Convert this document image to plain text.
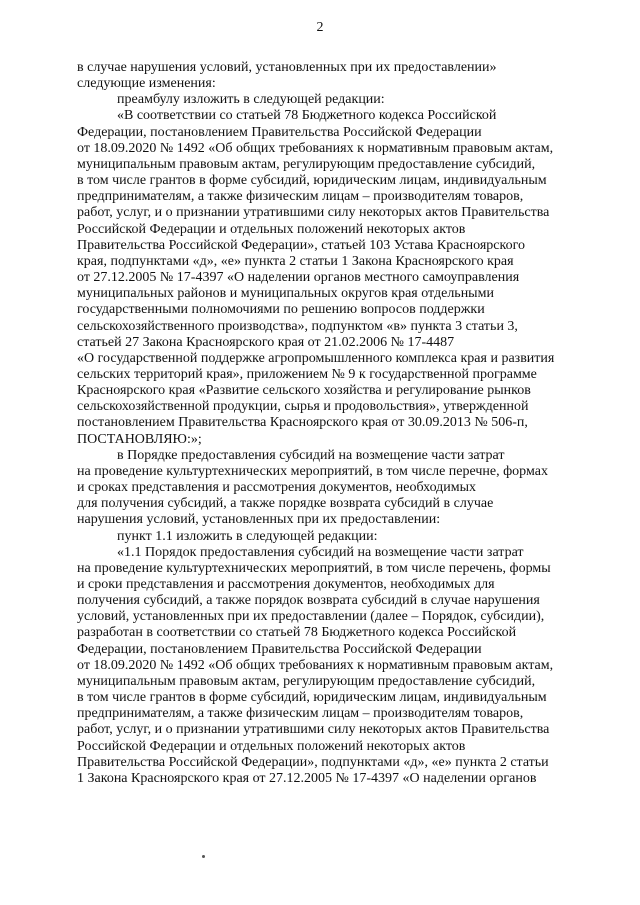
2
в случае нарушения условий, установленных при их предоставлении»
следующие изменения:
преамбулу изложить в следующей редакции:
«В соответствии со статьей 78 Бюджетного кодекса Российской
Федерации, постановлением Правительства Российской Федерации
от 18.09.2020 № 1492 «Об общих требованиях к нормативным правовым актам,
муниципальным правовым актам, регулирующим предоставление субсидий,
в том числе грантов в форме субсидий, юридическим лицам, индивидуальным
предпринимателям, а также физическим лицам – производителям товаров,
работ, услуг, и о признании утратившими силу некоторых актов Правительства
Российской Федерации и отдельных положений некоторых актов
Правительства Российской Федерации», статьей 103 Устава Красноярского
края, подпунктами «д», «е» пункта 2 статьи 1 Закона Красноярского края
от 27.12.2005 № 17-4397 «О наделении органов местного самоуправления
муниципальных районов и муниципальных округов края отдельными
государственными полномочиями по решению вопросов поддержки
сельскохозяйственного производства», подпунктом «в» пункта 3 статьи 3,
статьей 27 Закона Красноярского края от 21.02.2006 № 17-4487
«О государственной поддержке агропромышленного комплекса края и развития
сельских территорий края», приложением № 9 к государственной программе
Красноярского края «Развитие сельского хозяйства и регулирование рынков
сельскохозяйственной продукции, сырья и продовольствия», утвержденной
постановлением Правительства Красноярского края от 30.09.2013 № 506-п,
ПОСТАНОВЛЯЮ:»;
в Порядке предоставления субсидий на возмещение части затрат
на проведение культуртехнических мероприятий, в том числе перечне, формах
и сроках представления и рассмотрения документов, необходимых
для получения субсидий, а также порядке возврата субсидий в случае
нарушения условий, установленных при их предоставлении:
пункт 1.1 изложить в следующей редакции:
«1.1 Порядок предоставления субсидий на возмещение части затрат
на проведение культуртехнических мероприятий, в том числе перечень, формы
и сроки представления и рассмотрения документов, необходимых для
получения субсидий, а также порядок возврата субсидий в случае нарушения
условий, установленных при их предоставлении (далее – Порядок, субсидии),
разработан в соответствии со статьей 78 Бюджетного кодекса Российской
Федерации, постановлением Правительства Российской Федерации
от 18.09.2020 № 1492 «Об общих требованиях к нормативным правовым актам,
муниципальным правовым актам, регулирующим предоставление субсидий,
в том числе грантов в форме субсидий, юридическим лицам, индивидуальным
предпринимателям, а также физическим лицам – производителям товаров,
работ, услуг, и о признании утратившими силу некоторых актов Правительства
Российской Федерации и отдельных положений некоторых актов
Правительства Российской Федерации», подпунктами «д», «е» пункта 2 статьи
1 Закона Красноярского края от 27.12.2005 № 17-4397 «О наделении органов
